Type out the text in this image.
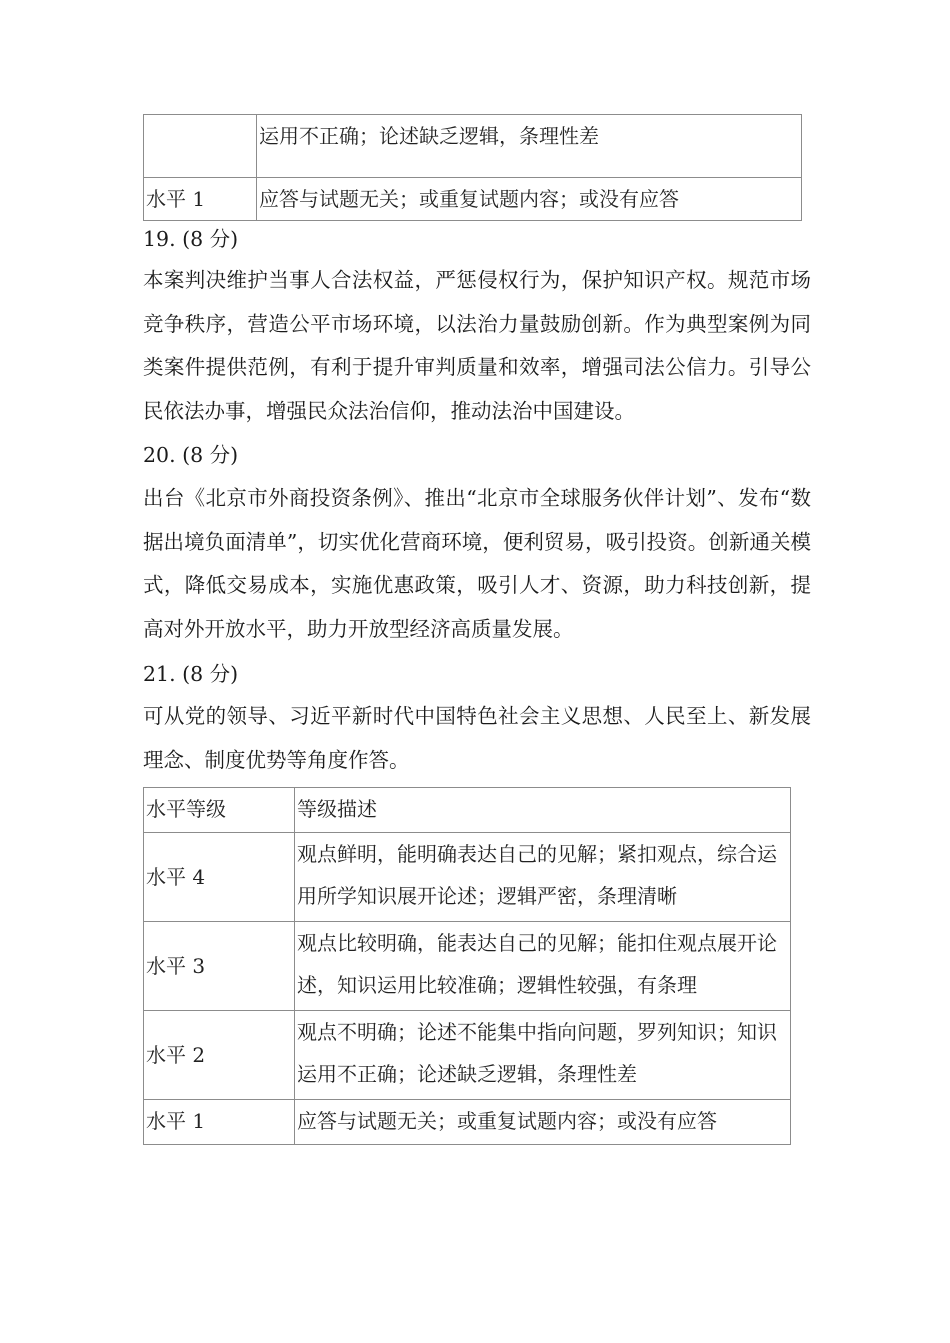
	运用不正确；论述缺乏逻辑，条理性差
水平 1	应答与试题无关；或重复试题内容；或没有应答
19. (8 分)
本案判决维护当事人合法权益，严惩侵权行为，保护知识产权。规范市场竞争秩序，营造公平市场环境，以法治力量鼓励创新。作为典型案例为同类案件提供范例，有利于提升审判质量和效率，增强司法公信力。引导公民依法办事，增强民众法治信仰，推动法治中国建设。
20. (8 分)
出台《北京市外商投资条例》、推出“北京市全球服务伙伴计划”、发布“数据出境负面清单”，切实优化营商环境，便利贸易，吸引投资。创新通关模式，降低交易成本，实施优惠政策，吸引人才、资源，助力科技创新，提高对外开放水平，助力开放型经济高质量发展。
21. (8 分)
可从党的领导、习近平新时代中国特色社会主义思想、人民至上、新发展理念、制度优势等角度作答。
水平等级	等级描述
水平 4	观点鲜明，能明确表达自己的见解；紧扣观点，综合运用所学知识展开论述；逻辑严密，条理清晰
水平 3	观点比较明确，能表达自己的见解；能扣住观点展开论述，知识运用比较准确；逻辑性较强，有条理
水平 2	观点不明确；论述不能集中指向问题，罗列知识；知识运用不正确；论述缺乏逻辑，条理性差
水平 1	应答与试题无关；或重复试题内容；或没有应答
